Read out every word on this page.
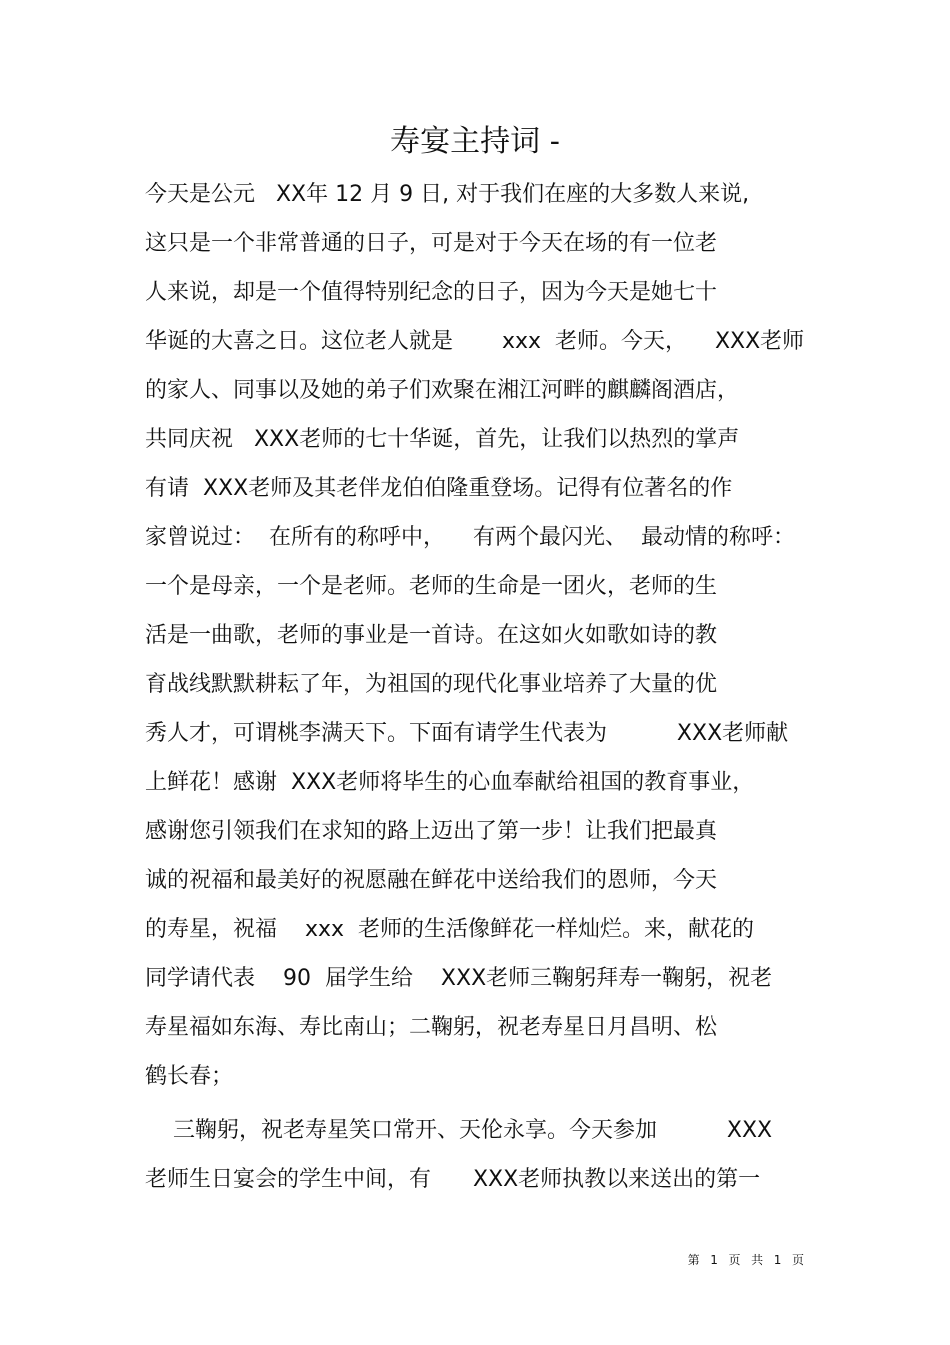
寿宴主持词 -
今天是公元   XX年 12 月 9 日, 对于我们在座的大多数人来说,
这只是一个非常普通的日子，可是对于今天在场的有一位老
人来说，却是一个值得特别纪念的日子，因为今天是她七十
华诞的大喜之日。这位老人就是       xxx  老师。今天，    XXX老师
的家人、同事以及她的弟子们欢聚在湘江河畔的麒麟阁酒店，
共同庆祝   XXX老师的七十华诞，首先，让我们以热烈的掌声
有请  XXX老师及其老伴龙伯伯隆重登场。记得有位著名的作
家曾说过：  在所有的称呼中，    有两个最闪光、  最动情的称呼：
一个是母亲，一个是老师。老师的生命是一团火，老师的生
活是一曲歌，老师的事业是一首诗。在这如火如歌如诗的教
育战线默默耕耘了年，为祖国的现代化事业培养了大量的优
秀人才，可谓桃李满天下。下面有请学生代表为          XXX老师献
上鲜花！感谢  XXX老师将毕生的心血奉献给祖国的教育事业，
感谢您引领我们在求知的路上迈出了第一步！让我们把最真
诚的祝福和最美好的祝愿融在鲜花中送给我们的恩师，今天
的寿星，祝福    xxx  老师的生活像鲜花一样灿烂。来，献花的
同学请代表    90  届学生给    XXX老师三鞠躬拜寿一鞠躬，祝老
寿星福如东海、寿比南山；二鞠躬，祝老寿星日月昌明、松
鹤长春；
三鞠躬，祝老寿星笑口常开、天伦永享。今天参加          XXX
老师生日宴会的学生中间，有      XXX老师执教以来送出的第一
第  1  页  共  1  页
